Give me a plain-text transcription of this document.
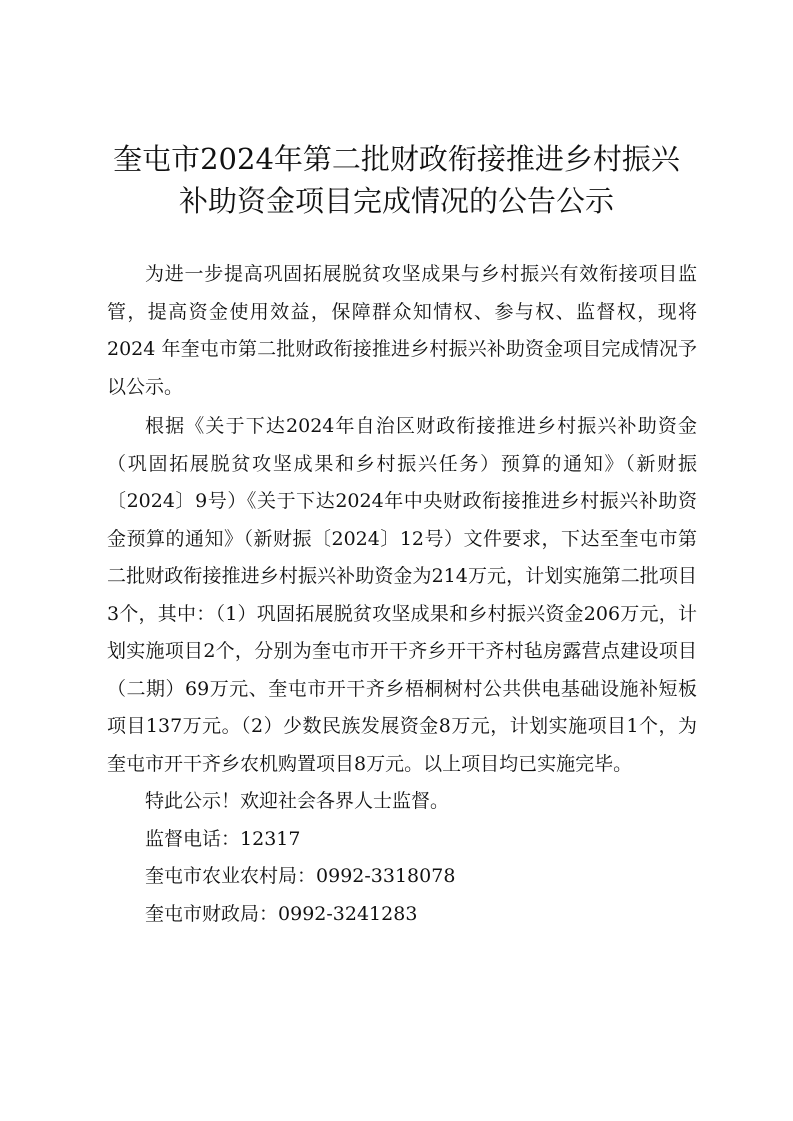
奎屯市2024年第二批财政衔接推进乡村振兴
补助资金项目完成情况的公告公示

为进一步提高巩固拓展脱贫攻坚成果与乡村振兴有效衔接项目监管，提高资金使用效益，保障群众知情权、参与权、监督权，现将2024 年奎屯市第二批财政衔接推进乡村振兴补助资金项目完成情况予以公示。

根据《关于下达2024年自治区财政衔接推进乡村振兴补助资金（巩固拓展脱贫攻坚成果和乡村振兴任务）预算的通知》（新财振〔2024〕9号）《关于下达2024年中央财政衔接推进乡村振兴补助资金预算的通知》（新财振〔2024〕12号）文件要求，下达至奎屯市第二批财政衔接推进乡村振兴补助资金为214万元，计划实施第二批项目3个，其中：（1）巩固拓展脱贫攻坚成果和乡村振兴资金206万元，计划实施项目2个，分别为奎屯市开干齐乡开干齐村毡房露营点建设项目（二期）69万元、奎屯市开干齐乡梧桐树村公共供电基础设施补短板项目137万元。（2）少数民族发展资金8万元，计划实施项目1个，为奎屯市开干齐乡农机购置项目8万元。以上项目均已实施完毕。

特此公示！欢迎社会各界人士监督。

监督电话：12317

奎屯市农业农村局：0992-3318078

奎屯市财政局：0992-3241283
